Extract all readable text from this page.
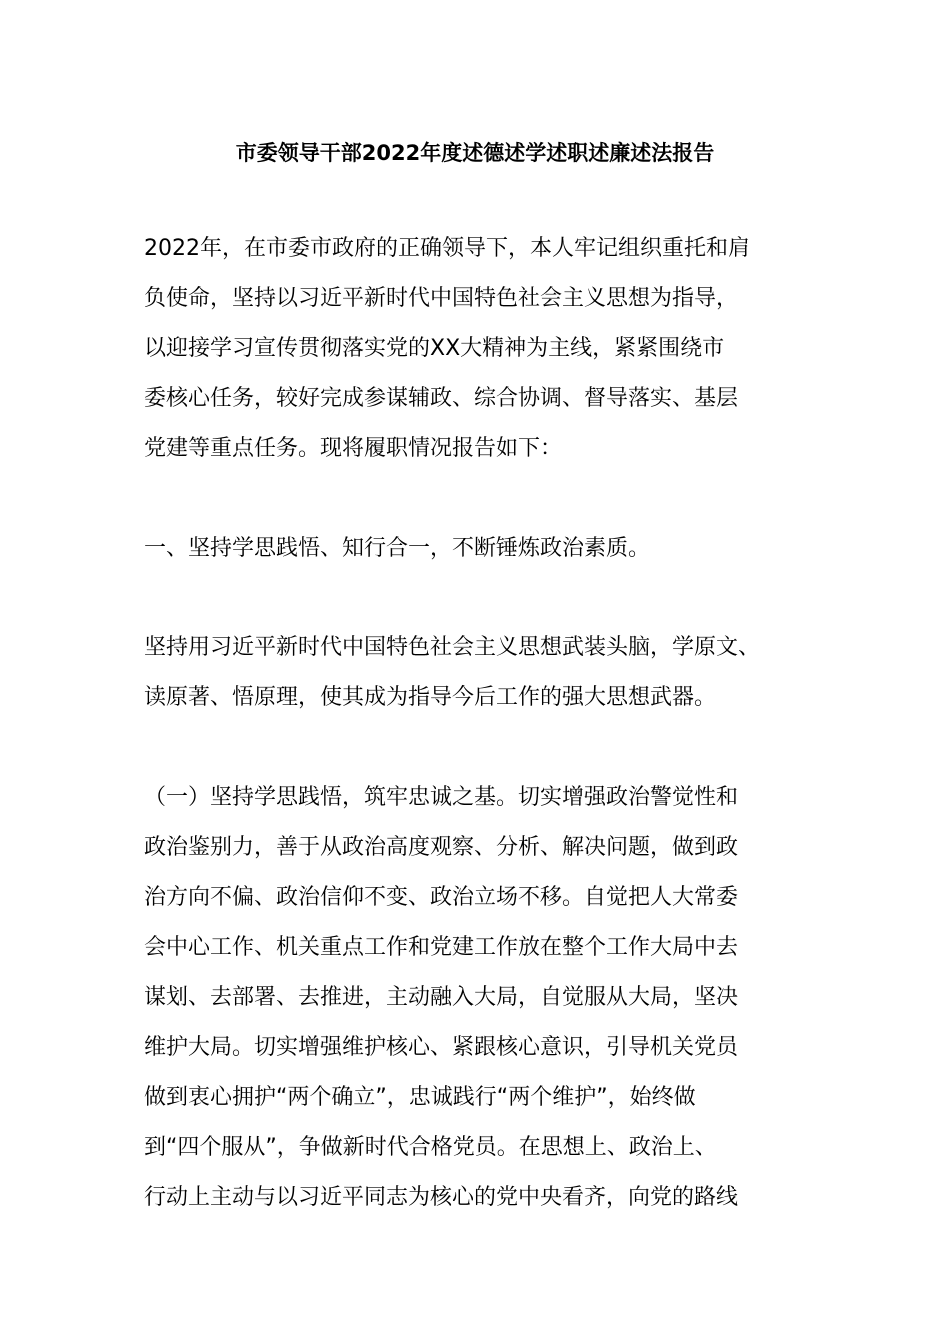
市委领导干部2022年度述德述学述职述廉述法报告
2022年，在市委市政府的正确领导下，本人牢记组织重托和肩
负使命，坚持以习近平新时代中国特色社会主义思想为指导，
以迎接学习宣传贯彻落实党的XX大精神为主线，紧紧围绕市
委核心任务，较好完成参谋辅政、综合协调、督导落实、基层
党建等重点任务。现将履职情况报告如下：
一、坚持学思践悟、知行合一，不断锤炼政治素质。
坚持用习近平新时代中国特色社会主义思想武装头脑，学原文、
读原著、悟原理，使其成为指导今后工作的强大思想武器。
（一）坚持学思践悟，筑牢忠诚之基。切实增强政治警觉性和
政治鉴别力，善于从政治高度观察、分析、解决问题，做到政
治方向不偏、政治信仰不变、政治立场不移。自觉把人大常委
会中心工作、机关重点工作和党建工作放在整个工作大局中去
谋划、去部署、去推进，主动融入大局，自觉服从大局，坚决
维护大局。切实增强维护核心、紧跟核心意识，引导机关党员
做到衷心拥护“两个确立”，忠诚践行“两个维护”，始终做
到“四个服从”，争做新时代合格党员。在思想上、政治上、
行动上主动与以习近平同志为核心的党中央看齐，向党的路线
